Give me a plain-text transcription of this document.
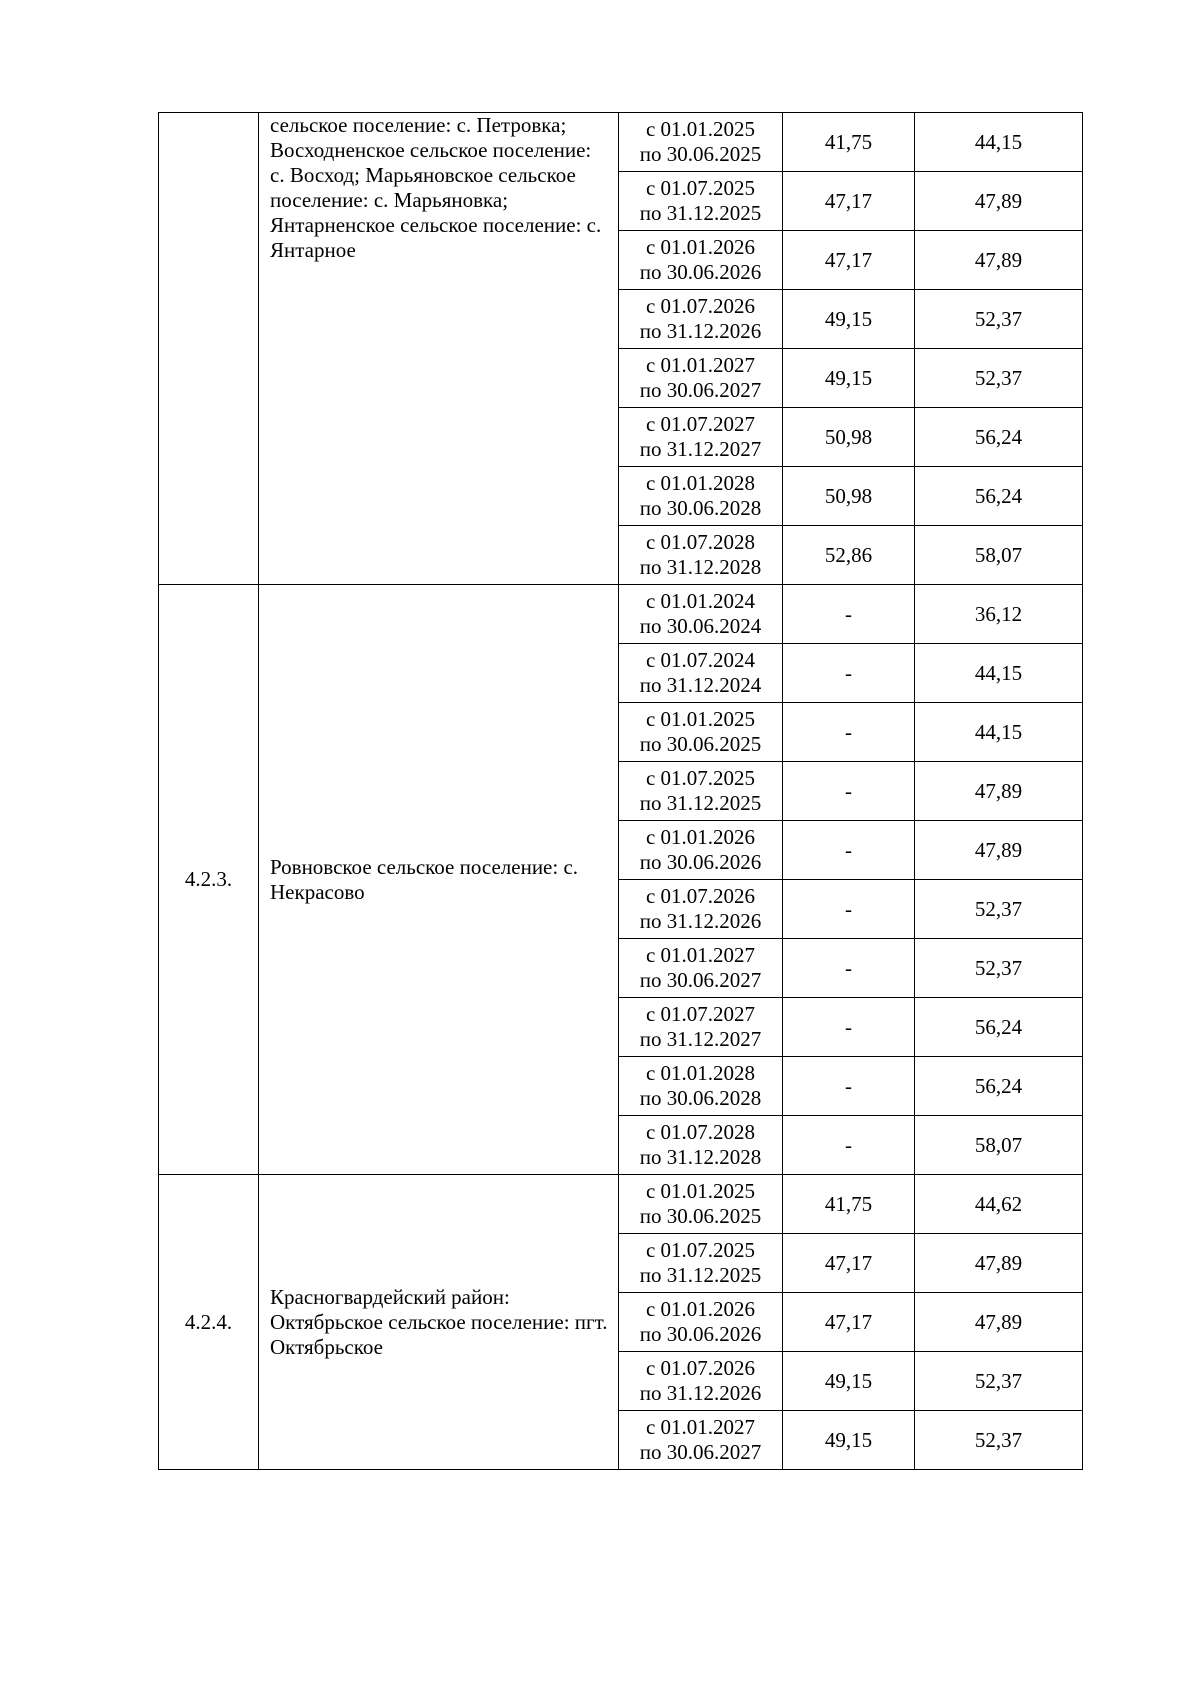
	сельское поселение: с. Петровка; Восходненское сельское поселение: с. Восход; Марьяновское сельское поселение: с. Марьяновка; Янтарненское сельское поселение: с. Янтарное	с 01.01.2025
по 30.06.2025	41,75	44,15

		с 01.07.2025
по 31.12.2025	47,17	47,89

		с 01.01.2026
по 30.06.2026	47,17	47,89

		с 01.07.2026
по 31.12.2026	49,15	52,37

		с 01.01.2027
по 30.06.2027	49,15	52,37

		с 01.07.2027
по 31.12.2027	50,98	56,24

		с 01.01.2028
по 30.06.2028	50,98	56,24

		с 01.07.2028
по 31.12.2028	52,86	58,07
4.2.3.	Ровновское сельское поселение: с. Некрасово	с 01.01.2024
по 30.06.2024	-	36,12

		с 01.07.2024
по 31.12.2024	-	44,15

		с 01.01.2025
по 30.06.2025	-	44,15

		с 01.07.2025
по 31.12.2025	-	47,89

		с 01.01.2026
по 30.06.2026	-	47,89

		с 01.07.2026
по 31.12.2026	-	52,37

		с 01.01.2027
по 30.06.2027	-	52,37

		с 01.07.2027
по 31.12.2027	-	56,24

		с 01.01.2028
по 30.06.2028	-	56,24

		с 01.07.2028
по 31.12.2028	-	58,07
4.2.4.	Красногвардейский район: Октябрьское сельское поселение: пгт. Октябрьское	с 01.01.2025
по 30.06.2025	41,75	44,62

		с 01.07.2025
по 31.12.2025	47,17	47,89

		с 01.01.2026
по 30.06.2026	47,17	47,89

		с 01.07.2026
по 31.12.2026	49,15	52,37

		с 01.01.2027
по 30.06.2027	49,15	52,37
